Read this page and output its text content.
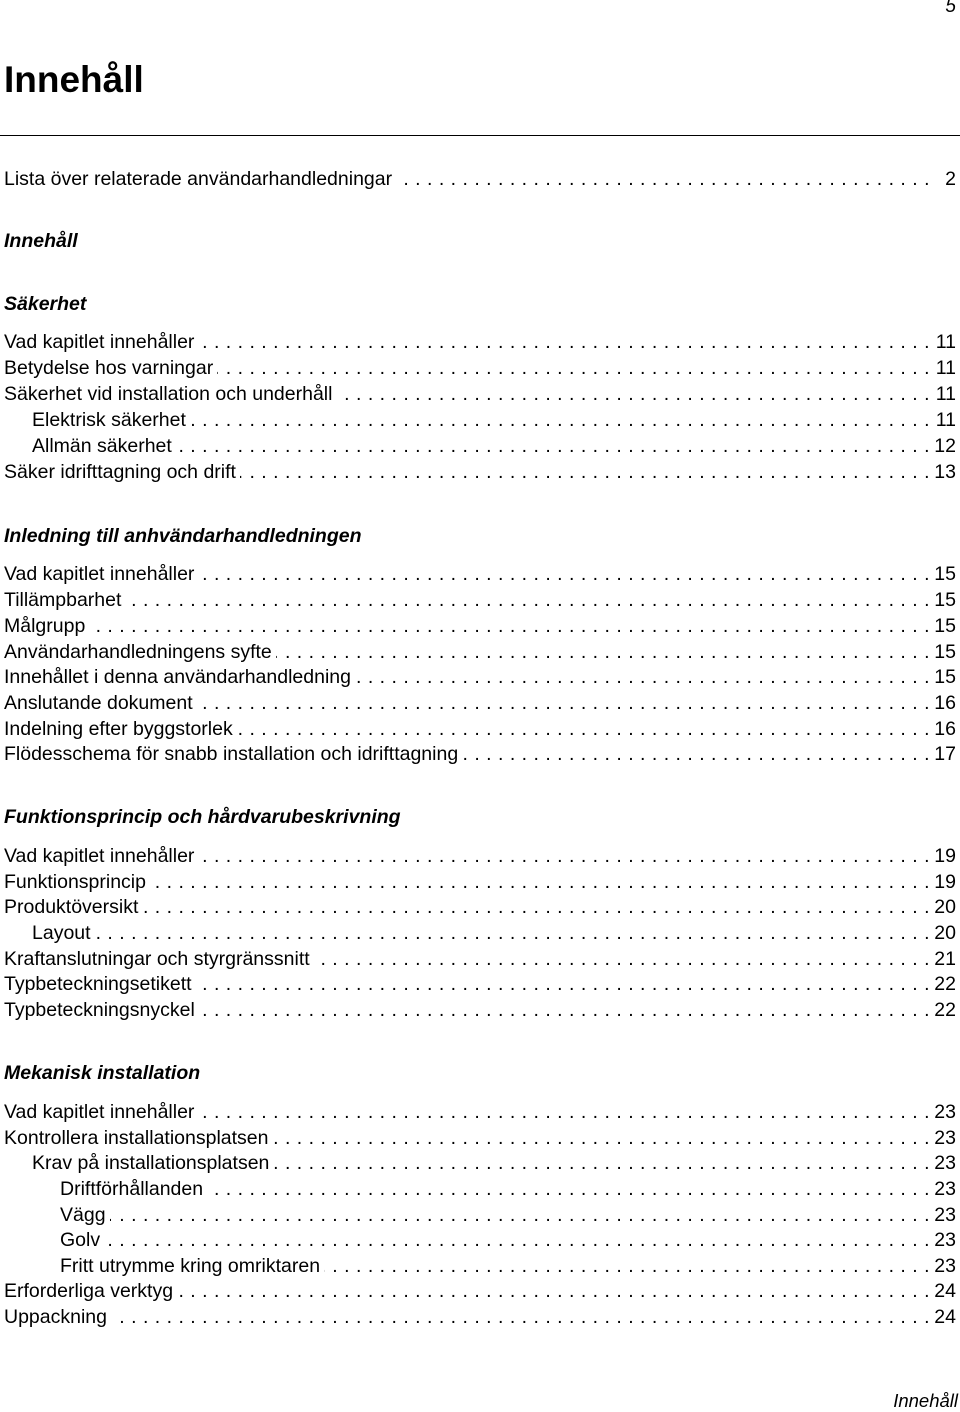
5
Innehåll
Lista över relaterade användarhandledningar . . .	2
Innehåll
Säkerhet
Vad kapitlet innehåller . . .	11
Betydelse hos varningar . . .	11
Säkerhet vid installation och underhåll . . .	11
Elektrisk säkerhet . . .	11
Allmän säkerhet . . .	12
Säker idrifttagning och drift . . .	13
Inledning till anhvändarhandledningen
Vad kapitlet innehåller . . .	15
Tillämpbarhet . . .	15
Målgrupp . . .	15
Användarhandledningens syfte . . .	15
Innehållet i denna användarhandledning . . .	15
Anslutande dokument . . .	16
Indelning efter byggstorlek . . .	16
Flödesschema för snabb installation och idrifttagning . . .	17
Funktionsprincip och hårdvarubeskrivning
Vad kapitlet innehåller . . .	19
Funktionsprincip . . .	19
Produktöversikt . . .	20
Layout . . .	20
Kraftanslutningar och styrgränssnitt . . .	21
Typbeteckningsetikett . . .	22
Typbeteckningsnyckel . . .	22
Mekanisk installation
Vad kapitlet innehåller . . .	23
Kontrollera installationsplatsen . . .	23
Krav på installationsplatsen . . .	23
Driftförhållanden . . .	23
Vägg . . .	23
Golv . . .	23
Fritt utrymme kring omriktaren . . .	23
Erforderliga verktyg . . .	24
Uppackning . . .	24
Innehåll
